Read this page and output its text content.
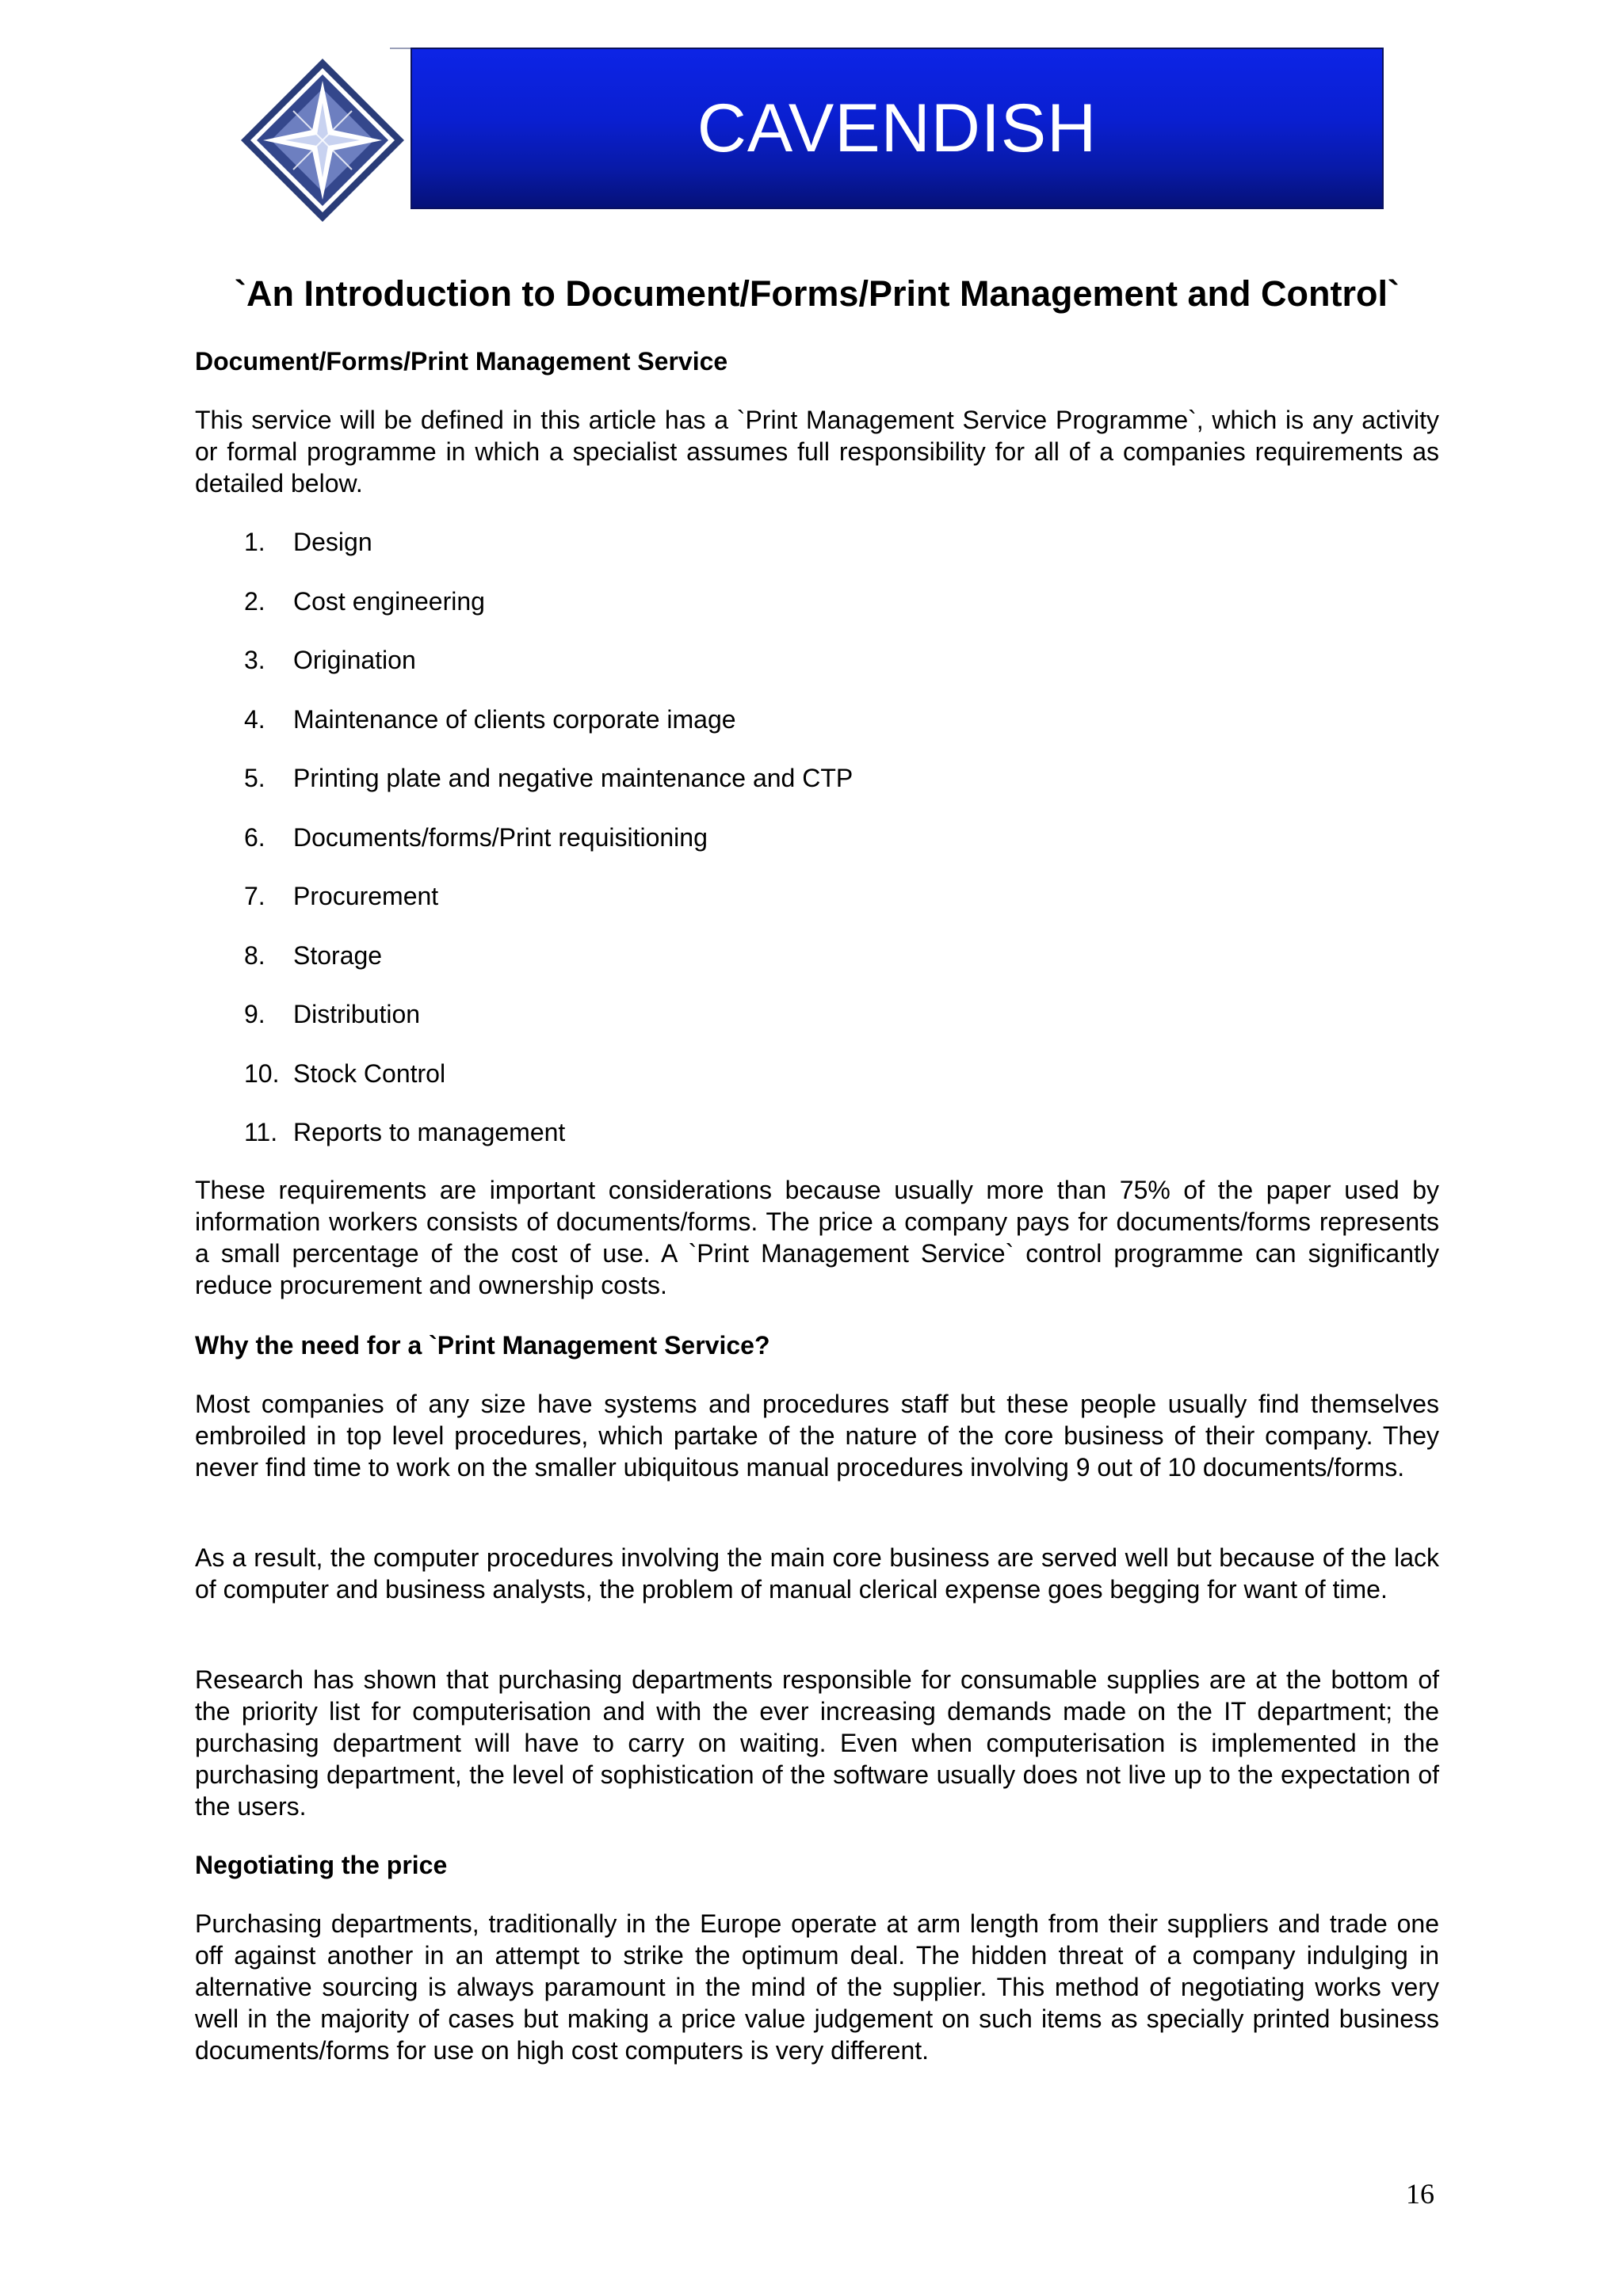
CAVENDISH
`An Introduction to Document/Forms/Print Management and Control`
Document/Forms/Print Management Service
This service will be defined in this article has a `Print Management Service Programme`, which is any activity or formal programme in which a specialist assumes full responsibility for all of a companies requirements as detailed below.
1.	Design
2.	Cost engineering
3.	Origination
4.	Maintenance of clients corporate image
5.	Printing plate and negative maintenance and CTP
6.	Documents/forms/Print requisitioning
7.	Procurement
8.	Storage
9.	Distribution
10. Stock Control
11. Reports to management
These requirements are important considerations because usually more than 75% of the paper used by information workers consists of documents/forms. The price a company pays for documents/forms represents a small percentage of the cost of use. A `Print Management Service` control programme can significantly reduce procurement and ownership costs.
Why the need for a `Print Management Service?
Most companies of any size have systems and procedures staff but these people usually find themselves embroiled in top level procedures, which partake of the nature of the core business of their company. They never find time to work on the smaller ubiquitous manual procedures involving 9 out of 10 documents/forms.
As a result, the computer procedures involving the main core business are served well but because of the lack of computer and business analysts, the problem of manual clerical expense goes begging for want of time.
Research has shown that purchasing departments responsible for consumable supplies are at the bottom of the priority list for computerisation and with the ever increasing demands made on the IT department; the purchasing department will have to carry on waiting. Even when computerisation is implemented in the purchasing department, the level of sophistication of the software usually does not live up to the expectation of the users.
Negotiating the price
Purchasing departments, traditionally in the Europe operate at arm length from their suppliers and trade one off against another in an attempt to strike the optimum deal. The hidden threat of a company indulging in alternative sourcing is always paramount in the mind of the supplier. This method of negotiating works very well in the majority of cases but making a price value judgement on such items as specially printed business documents/forms for use on high cost computers is very different.
16
